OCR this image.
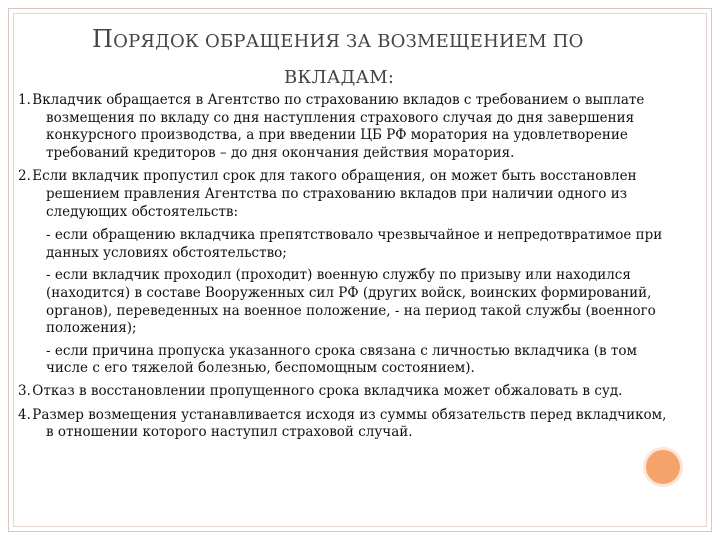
ПОРЯДОК ОБРАЩЕНИЯ ЗА ВОЗМЕЩЕНИЕМ ПО
ВКЛАДАМ:
1. Вкладчик обращается в Агентство по страхованию вкладов с требованием о выплате возмещения по вкладу со дня наступления страхового случая до дня завершения конкурсного производства, а при введении ЦБ РФ моратория на удовлетворение требований кредиторов – до дня окончания действия моратория.
2. Если вкладчик пропустил срок для такого обращения, он может быть восстановлен решением правления Агентства по страхованию вкладов при наличии одного из следующих обстоятельств:
- если обращению вкладчика препятствовало чрезвычайное и непредотвратимое при данных условиях обстоятельство;
- если вкладчик проходил (проходит) военную службу по призыву или находился (находится) в составе Вооруженных сил РФ (других войск, воинских формирований, органов), переведенных на военное положение, - на период такой службы (военного положения);
- если причина пропуска указанного срока связана с личностью вкладчика (в том числе с его тяжелой болезнью, беспомощным состоянием).
3. Отказ в восстановлении пропущенного срока вкладчика может обжаловать в суд.
4. Размер возмещения устанавливается исходя из суммы обязательств перед вкладчиком, в отношении которого наступил страховой случай.
